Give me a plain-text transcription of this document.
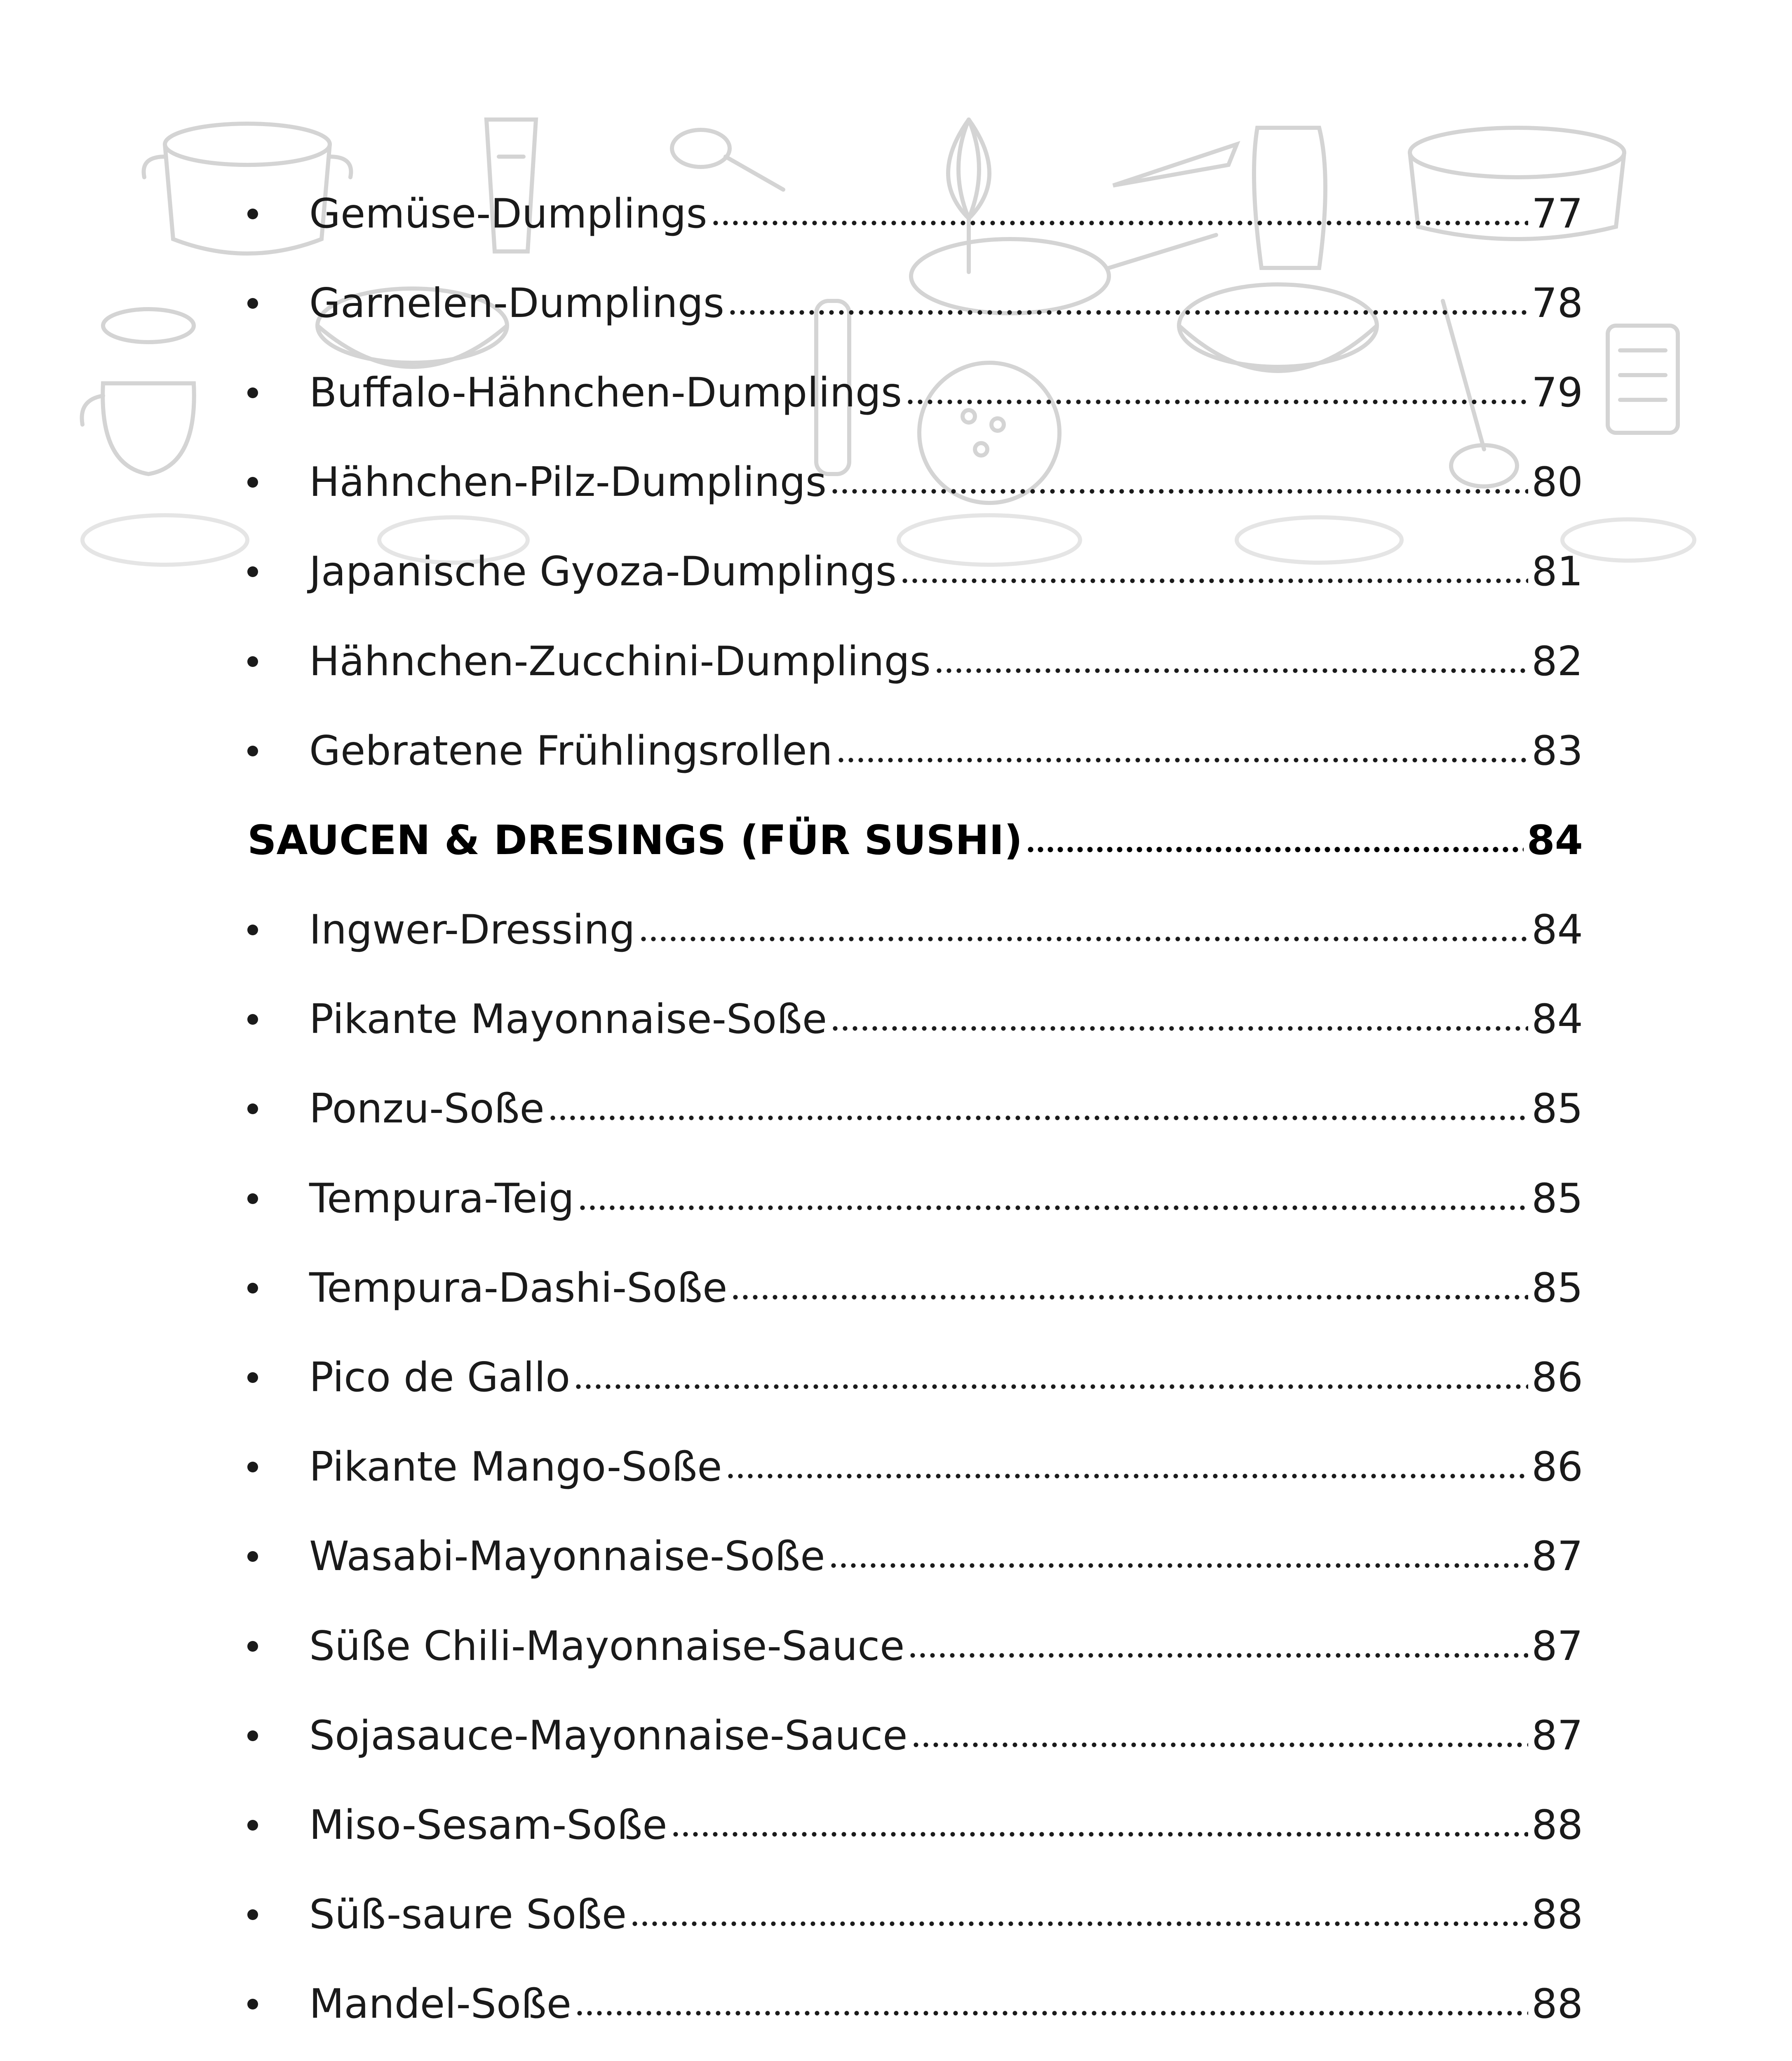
Gemüse-Dumplings	77
Garnelen-Dumplings	78
Buffalo-Hähnchen-Dumplings	79
Hähnchen-Pilz-Dumplings	80
Japanische Gyoza-Dumplings	81
Hähnchen-Zucchini-Dumplings	82
Gebratene Frühlingsrollen	83
SAUCEN & DRESINGS (FÜR SUSHI)	84
Ingwer-Dressing	84
Pikante Mayonnaise-Soße	84
Ponzu-Soße	85
Tempura-Teig	85
Tempura-Dashi-Soße	85
Pico de Gallo	86
Pikante Mango-Soße	86
Wasabi-Mayonnaise-Soße	87
Süße Chili-Mayonnaise-Sauce	87
Sojasauce-Mayonnaise-Sauce	87
Miso-Sesam-Soße	88
Süß-saure Soße	88
Mandel-Soße	88
